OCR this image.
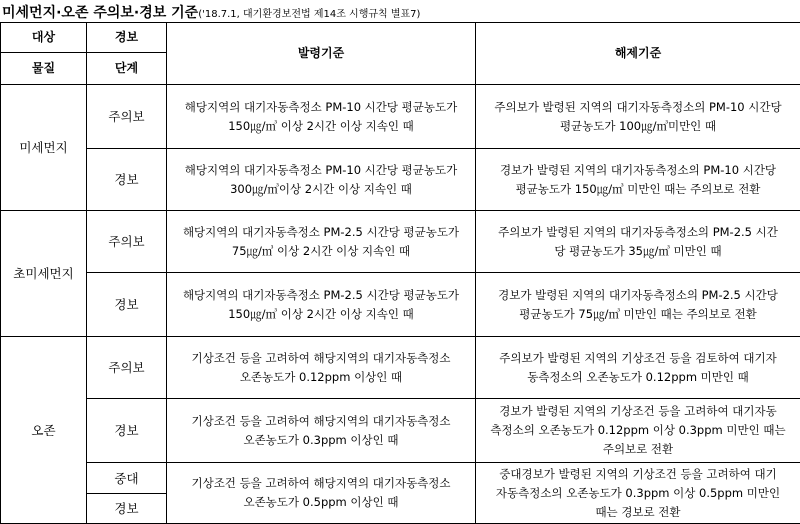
미세먼지·오존 주의보·경보 기준('18.7.1, 대기환경보전법 제14조 시행규칙 별표7)
대상	경보	발령기준	해제기준
물질	단계		
미세먼지	주의보	해당지역의 대기자동측정소 PM-10 시간당 평균농도가
150㎍/㎥ 이상 2시간 이상 지속인 때	주의보가 발령된 지역의 대기자동측정소의 PM-10 시간당
평균농도가 100㎍/㎥미만인 때
	경보	해당지역의 대기자동측정소 PM-10 시간당 평균농도가
300㎍/㎥이상 2시간 이상 지속인 때	경보가 발령된 지역의 대기자동측정소의 PM-10 시간당
평균농도가 150㎍/㎥ 미만인 때는 주의보로 전환
초미세먼지	주의보	해당지역의 대기자동측정소 PM-2.5 시간당 평균농도가
75㎍/㎥ 이상 2시간 이상 지속인 때	주의보가 발령된 지역의 대기자동측정소의 PM-2.5 시간
당 평균농도가 35㎍/㎥ 미만인 때
	경보	해당지역의 대기자동측정소 PM-2.5 시간당 평균농도가
150㎍/㎥ 이상 2시간 이상 지속인 때	경보가 발령된 지역의 대기자동측정소의 PM-2.5 시간당
평균농도가 75㎍/㎥ 미만인 때는 주의보로 전환
오존	주의보	기상조건 등을 고려하여 해당지역의 대기자동측정소
오존농도가 0.12ppm 이상인 때	주의보가 발령된 지역의 기상조건 등을 검토하여 대기자
동측정소의 오존농도가 0.12ppm 미만인 때
	경보	기상조건 등을 고려하여 해당지역의 대기자동측정소
오존농도가 0.3ppm 이상인 때	경보가 발령된 지역의 기상조건 등을 고려하여 대기자동
측정소의 오존농도가 0.12ppm 이상 0.3ppm 미만인 때는
주의보로 전환
	중대	기상조건 등을 고려하여 해당지역의 대기자동측정소
오존농도가 0.5ppm 이상인 때	중대경보가 발령된 지역의 기상조건 등을 고려하여 대기
자동측정소의 오존농도가 0.3ppm 이상 0.5ppm 미만인
때는 경보로 전환
	경보		
